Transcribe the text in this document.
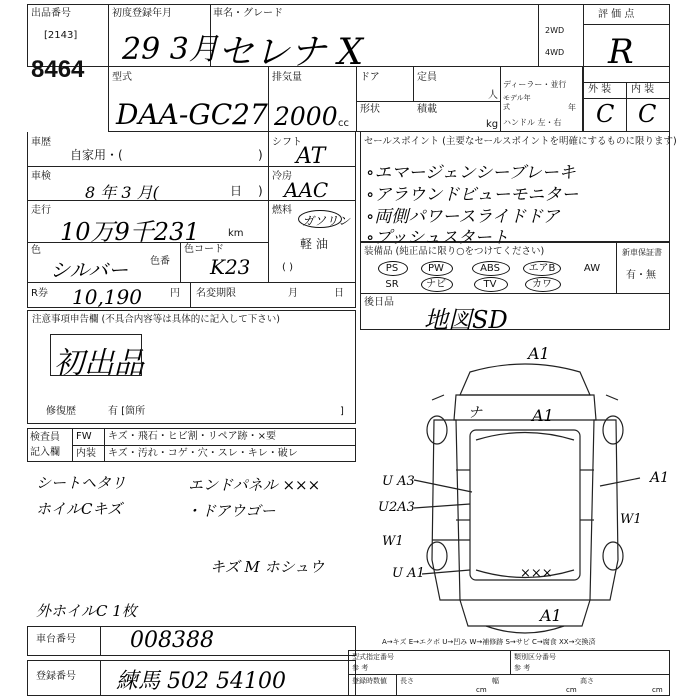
出品番号
[2143]
8464
初度登録年月
29 3月
車名・グレード
セレナ X
2WD
4WD
評 価 点
R
外 装 内 装
C C
型式
DAA-GC27
排気量
2000 cc
ドア	定員
人
形状	積載
kg
ディーラー・並行
モデル年式	年
ハンドル 左・右
車歴
自家用・(	)
車検
8 年 3 月(	日 )
走行
10万9千231	km
色
シルバー 色番
色コード
K23
シフト
AT
冷房
AAC
燃料
ガソリン
軽 油
( )
R券 10,190	円 名変期限	月	日
セールスポイント (主要なセールスポイントを明確にするものに限ります)
∘エマージェンシーブレーキ
∘アラウンドビューモニター
∘両側パワースライドドア
∘プッシュスタート
装備品 (純正品に限り○をつけてください)	新車保証書
有・無
PS	PW	ABS	エアB	AW
SR	ナビ	TV	カワ
後日品
地図SD
注意事項申告欄 (不具合内容等は具体的に記入して下さい)
初出品
修復歴	有 [箇所	]
検査員
記入欄
FW キズ・飛石・ヒビ割・リペア跡・×要
内装 キズ・汚れ・コゲ・穴・スレ・キレ・破レ
シートヘタリ	エンドパネル ×××
ホイルCキズ	・ドアウゴー
キズ M ホシュウ
外ホイルC 1枚
A1
A1
A1
A1
ナ
U A3
U2A3
W1
U A1	×××
W1
A→キズ E→エクボ U→凹み W→補修跡 S→サビ C→腐食 XX→交換済
車台番号 008388
登録番号 練馬 502 54100
型式指定番号	類別区分番号
参 考	参 考
登録時数値	長さ
cm
幅
cm
高さ
cm
